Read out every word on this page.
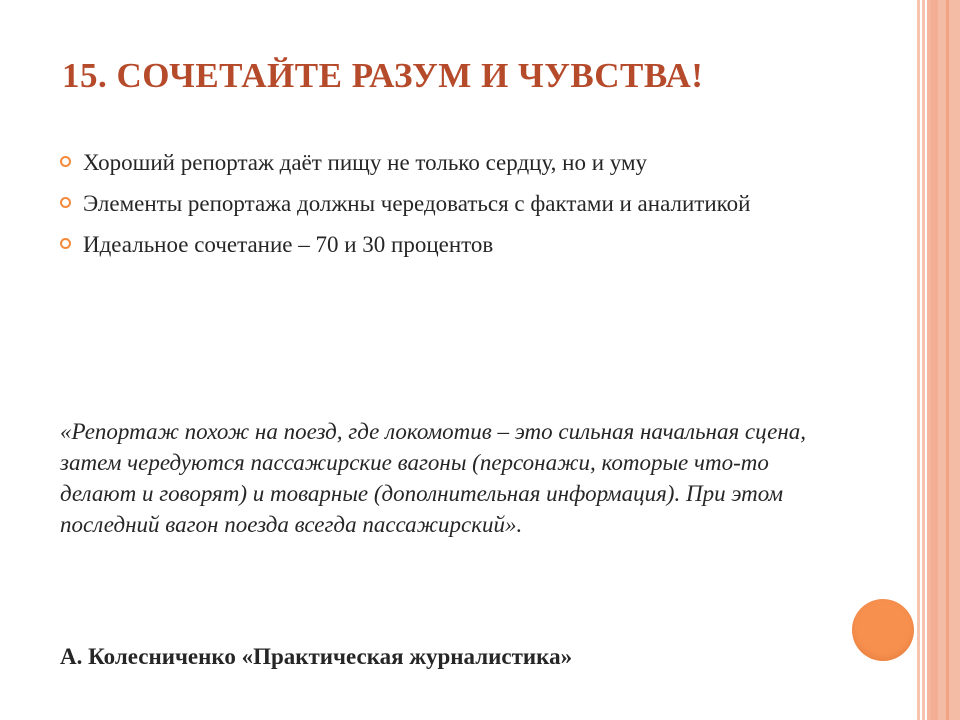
15. СОЧЕТАЙТЕ РАЗУМ И ЧУВСТВА!
Хороший репортаж даёт пищу не только сердцу, но и уму
Элементы репортажа должны чередоваться с фактами и аналитикой
Идеальное сочетание – 70 и 30 процентов

«Репортаж похож на поезд, где локомотив – это сильная начальная сцена, затем чередуются пассажирские вагоны (персонажи, которые что-то делают и говорят) и товарные (дополнительная информация). При этом последний вагон поезда всегда пассажирский».

А. Колесниченко «Практическая журналистика»
